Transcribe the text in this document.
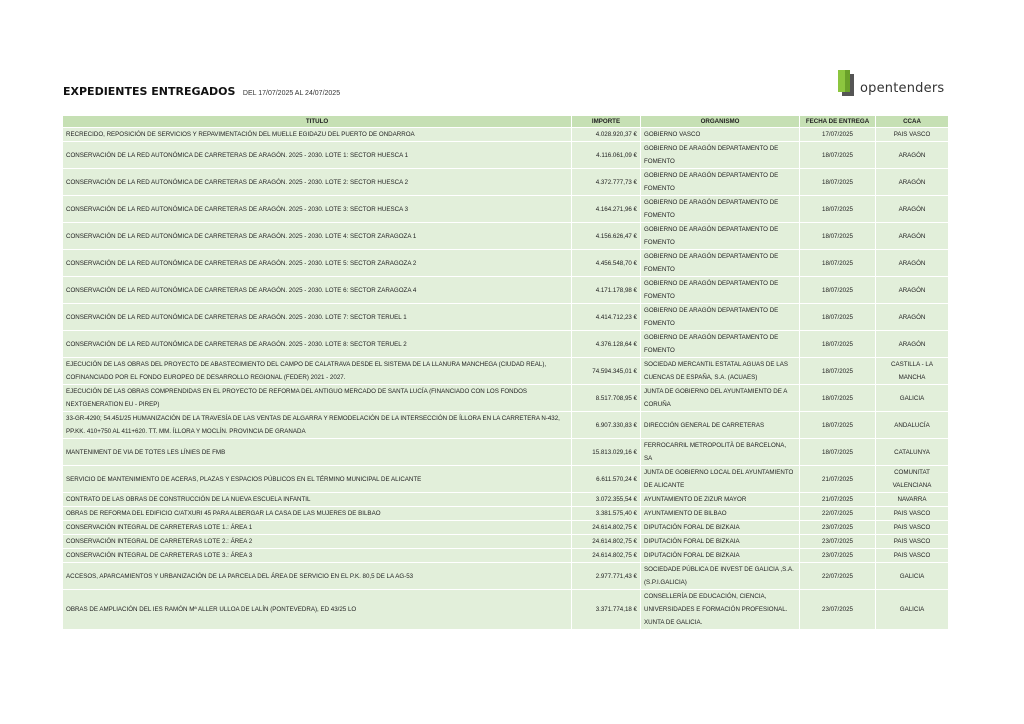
EXPEDIENTES ENTREGADOS DEL 17/07/2025 AL 24/07/2025	opentenders
TITULO	IMPORTE	ORGANISMO	FECHA DE ENTREGA	CCAA
RECRECIDO, REPOSICIÓN DE SERVICIOS Y REPAVIMENTACIÓN DEL MUELLE EGIDAZU DEL PUERTO DE ONDARROA	4.028.920,37 €	GOBIERNO VASCO	17/07/2025	PAIS VASCO
CONSERVACIÓN DE LA RED AUTONÓMICA DE CARRETERAS DE ARAGÓN. 2025 - 2030. LOTE 1: SECTOR HUESCA 1	4.116.061,09 €	GOBIERNO DE ARAGÓN DEPARTAMENTO DE FOMENTO	18/07/2025	ARAGÓN
CONSERVACIÓN DE LA RED AUTONÓMICA DE CARRETERAS DE ARAGÓN. 2025 - 2030. LOTE 2: SECTOR HUESCA 2	4.372.777,73 €	GOBIERNO DE ARAGÓN DEPARTAMENTO DE FOMENTO	18/07/2025	ARAGÓN
CONSERVACIÓN DE LA RED AUTONÓMICA DE CARRETERAS DE ARAGÓN. 2025 - 2030. LOTE 3: SECTOR HUESCA 3	4.164.271,96 €	GOBIERNO DE ARAGÓN DEPARTAMENTO DE FOMENTO	18/07/2025	ARAGÓN
CONSERVACIÓN DE LA RED AUTONÓMICA DE CARRETERAS DE ARAGÓN. 2025 - 2030. LOTE 4: SECTOR ZARAGOZA 1	4.156.626,47 €	GOBIERNO DE ARAGÓN DEPARTAMENTO DE FOMENTO	18/07/2025	ARAGÓN
CONSERVACIÓN DE LA RED AUTONÓMICA DE CARRETERAS DE ARAGÓN. 2025 - 2030. LOTE 5: SECTOR ZARAGOZA 2	4.456.548,70 €	GOBIERNO DE ARAGÓN DEPARTAMENTO DE FOMENTO	18/07/2025	ARAGÓN
CONSERVACIÓN DE LA RED AUTONÓMICA DE CARRETERAS DE ARAGÓN. 2025 - 2030. LOTE 6: SECTOR ZARAGOZA 4	4.171.178,98 €	GOBIERNO DE ARAGÓN DEPARTAMENTO DE FOMENTO	18/07/2025	ARAGÓN
CONSERVACIÓN DE LA RED AUTONÓMICA DE CARRETERAS DE ARAGÓN. 2025 - 2030. LOTE 7: SECTOR TERUEL 1	4.414.712,23 €	GOBIERNO DE ARAGÓN DEPARTAMENTO DE FOMENTO	18/07/2025	ARAGÓN
CONSERVACIÓN DE LA RED AUTONÓMICA DE CARRETERAS DE ARAGÓN. 2025 - 2030. LOTE 8: SECTOR TERUEL 2	4.376.128,64 €	GOBIERNO DE ARAGÓN DEPARTAMENTO DE FOMENTO	18/07/2025	ARAGÓN
EJECUCIÓN DE LAS OBRAS DEL PROYECTO DE ABASTECIMIENTO DEL CAMPO DE CALATRAVA DESDE EL SISTEMA DE LA LLANURA MANCHEGA (CIUDAD REAL), COFINANCIADO POR EL FONDO EUROPEO DE DESARROLLO REGIONAL (FEDER) 2021 - 2027.	74.594.345,01 €	SOCIEDAD MERCANTIL ESTATAL AGUAS DE LAS CUENCAS DE ESPAÑA, S.A. (ACUAES)	18/07/2025	CASTILLA - LA MANCHA
EJECUCIÓN DE LAS OBRAS COMPRENDIDAS EN EL PROYECTO DE REFORMA DEL ANTIGUO MERCADO DE SANTA LUCÍA (FINANCIADO CON LOS FONDOS NEXTGENERATION EU - PIREP)	8.517.708,95 €	JUNTA DE GOBIERNO DEL AYUNTAMIENTO DE A CORUÑA	18/07/2025	GALICIA
33-GR-4290; 54.451/25 HUMANIZACIÓN DE LA TRAVESÍA DE LAS VENTAS DE ALGARRA Y REMODELACIÓN DE LA INTERSECCIÓN DE ÍLLORA EN LA CARRETERA N-432, PP.KK. 410+750 AL 411+620. TT. MM. ÍLLORA Y MOCLÍN. PROVINCIA DE GRANADA	6.907.330,83 €	DIRECCIÓN GENERAL DE CARRETERAS	18/07/2025	ANDALUCÍA
MANTENIMENT DE VIA DE TOTES LES LÍNIES DE FMB	15.813.029,16 €	FERROCARRIL METROPOLITÀ DE BARCELONA, SA	18/07/2025	CATALUNYA
SERVICIO DE MANTENIMIENTO DE ACERAS, PLAZAS Y ESPACIOS PÚBLICOS EN EL TÉRMINO MUNICIPAL DE ALICANTE	6.611.570,24 €	JUNTA DE GOBIERNO LOCAL DEL AYUNTAMIENTO DE ALICANTE	21/07/2025	COMUNITAT VALENCIANA
CONTRATO DE LAS OBRAS DE CONSTRUCCIÓN DE LA NUEVA ESCUELA INFANTIL	3.072.355,54 €	AYUNTAMIENTO DE ZIZUR MAYOR	21/07/2025	NAVARRA
OBRAS DE REFORMA DEL EDIFICIO C/ATXURI 45 PARA ALBERGAR LA CASA DE LAS MUJERES DE BILBAO	3.381.575,40 €	AYUNTAMIENTO DE BILBAO	22/07/2025	PAIS VASCO
CONSERVACIÓN INTEGRAL DE CARRETERAS LOTE 1.: ÁREA 1	24.614.802,75 €	DIPUTACIÓN FORAL DE BIZKAIA	23/07/2025	PAIS VASCO
CONSERVACIÓN INTEGRAL DE CARRETERAS LOTE 2.: ÁREA 2	24.614.802,75 €	DIPUTACIÓN FORAL DE BIZKAIA	23/07/2025	PAIS VASCO
CONSERVACIÓN INTEGRAL DE CARRETERAS LOTE 3.: ÁREA 3	24.614.802,75 €	DIPUTACIÓN FORAL DE BIZKAIA	23/07/2025	PAIS VASCO
ACCESOS, APARCAMIENTOS Y URBANIZACIÓN DE LA PARCELA DEL ÁREA DE SERVICIO EN EL P.K. 80,5 DE LA AG-53	2.977.771,43 €	SOCIEDADE PÚBLICA DE INVEST DE GALICIA ,S.A. (S.P.I.GALICIA)	22/07/2025	GALICIA
OBRAS DE AMPLIACIÓN DEL IES RAMÓN Mª ALLER ULLOA DE LALÍN (PONTEVEDRA), ED 43/25 LO	3.371.774,18 €	CONSELLERÍA DE EDUCACIÓN, CIENCIA, UNIVERSIDADES E FORMACIÓN PROFESIONAL. XUNTA DE GALICIA.	23/07/2025	GALICIA
